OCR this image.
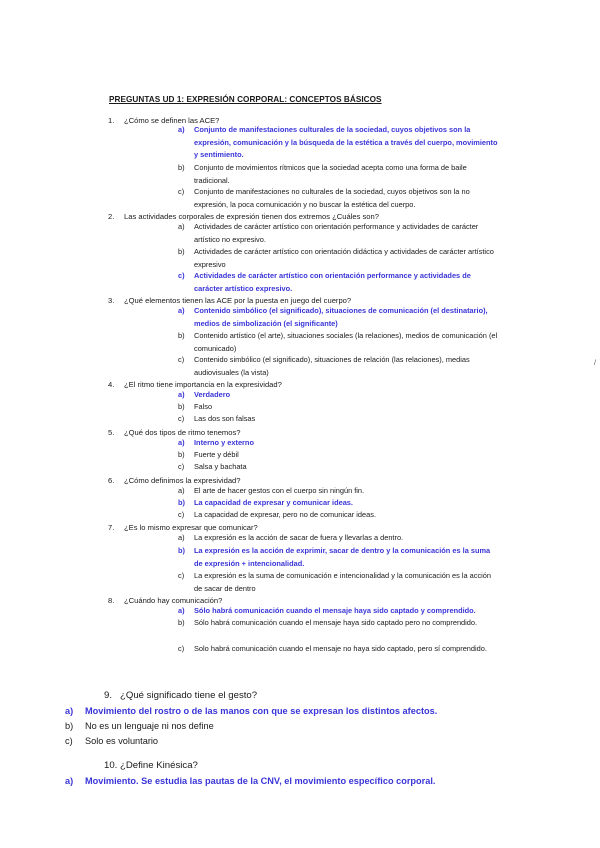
PREGUNTAS UD 1: EXPRESIÓN CORPORAL: CONCEPTOS BÁSICOS
1. ¿Cómo se definen las ACE?
a) Conjunto de manifestaciones culturales de la sociedad, cuyos objetivos son la expresión, comunicación y la búsqueda de la estética a través del cuerpo, movimiento y sentimiento.
b) Conjunto de movimientos rítmicos que la sociedad acepta como una forma de baile tradicional.
c) Conjunto de manifestaciones no culturales de la sociedad, cuyos objetivos son la no expresión, la poca comunicación y no buscar la estética del cuerpo.
2. Las actividades corporales de expresión tienen dos extremos ¿Cuáles son?
a) Actividades de carácter artístico con orientación performance y actividades de carácter artístico no expresivo.
b) Actividades de carácter artístico con orientación didáctica y actividades de carácter artístico expresivo
c) Actividades de carácter artístico con orientación performance y actividades de carácter artístico expresivo.
3. ¿Qué elementos tienen las ACE por la puesta en juego del cuerpo?
a) Contenido simbólico (el significado), situaciones de comunicación (el destinatario), medios de simbolización (el significante)
b) Contenido artístico (el arte), situaciones sociales (la relaciones), medios de comunicación (el comunicado)
c) Contenido simbólico (el significado), situaciones de relación (las relaciones), medias audiovisuales (la vista)
4. ¿El ritmo tiene importancia en la expresividad?
a) Verdadero
b) Falso
c) Las dos son falsas
5. ¿Qué dos tipos de ritmo tenemos?
a) Interno y externo
b) Fuerte y débil
c) Salsa y bachata
6. ¿Cómo definimos la expresividad?
a) El arte de hacer gestos con el cuerpo sin ningún fin.
b) La capacidad de expresar y comunicar ideas.
c) La capacidad de expresar, pero no de comunicar ideas.
7. ¿Es lo mismo expresar que comunicar?
a) La expresión es la acción de sacar de fuera y llevarlas a dentro.
b) La expresión es la acción de exprimir, sacar de dentro y la comunicación es la suma de expresión + intencionalidad.
c) La expresión es la suma de comunicación e intencionalidad y la comunicación es la acción de sacar de dentro
8. ¿Cuándo hay comunicación?
a) Sólo habrá comunicación cuando el mensaje haya sido captado y comprendido.
b) Sólo habrá comunicación cuando el mensaje haya sido captado pero no comprendido.
c) Solo habrá comunicación cuando el mensaje no haya sido captado, pero sí comprendido.
9. ¿Qué significado tiene el gesto?
a) Movimiento del rostro o de las manos con que se expresan los distintos afectos.
b) No es un lenguaje ni nos define
c) Solo es voluntario
10. ¿Define Kinésica?
a) Movimiento. Se estudia las pautas de la CNV, el movimiento específico corporal.
/
